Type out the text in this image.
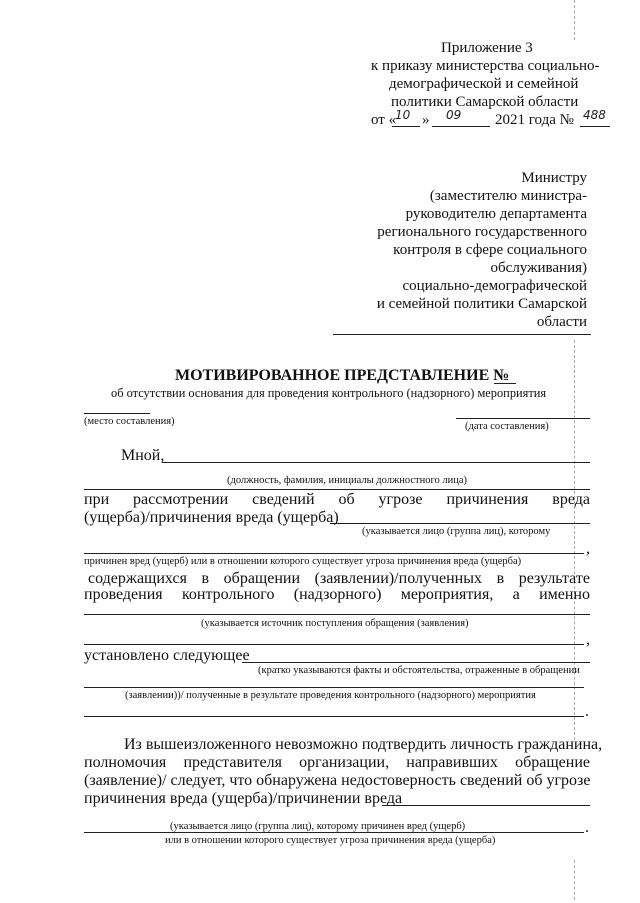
Приложение 3
к приказу министерства социально-
демографической и семейной
политики Самарской области
от «
10 » 09 2021 года № 488
Министру
(заместителю министра-
руководителю департамента
регионального государственного
контроля в сфере социального
обслуживания)
социально-демографической
и семейной политики Самарской
области
МОТИВИРОВАННОЕ ПРЕДСТАВЛЕНИЕ №
об отсутствии основания для проведения контрольного (надзорного) мероприятия
(место составления)	(дата составления)
Мной,
(должность, фамилия, инициалы должностного лица)
при рассмотрении сведений об угрозе причинения вреда
(ущерба)/причинения вреда (ущерба)
(указывается лицо (группа лиц), которому
,
причинен вред (ущерб) или в отношении которого существует угроза причинения вреда (ущерба)
содержащихся в обращении (заявлении)/полученных в результате
проведения контрольного (надзорного) мероприятия, а именно
(указывается источник поступления обращения (заявления)
,
установлено следующее
(кратко указываются факты и обстоятельства, отраженные в обращении
(заявлении))/ полученные в результате проведения контрольного (надзорного) мероприятия
.
Из вышеизложенного невозможно подтвердить личность гражданина,
полномочия представителя организации, направивших обращение
(заявление)/ следует, что обнаружена недостоверность сведений об угрозе
причинения вреда (ущерба)/причинении вреда
.
(указывается лицо (группа лиц), которому причинен вред (ущерб)
или в отношении которого существует угроза причинения вреда (ущерба)
